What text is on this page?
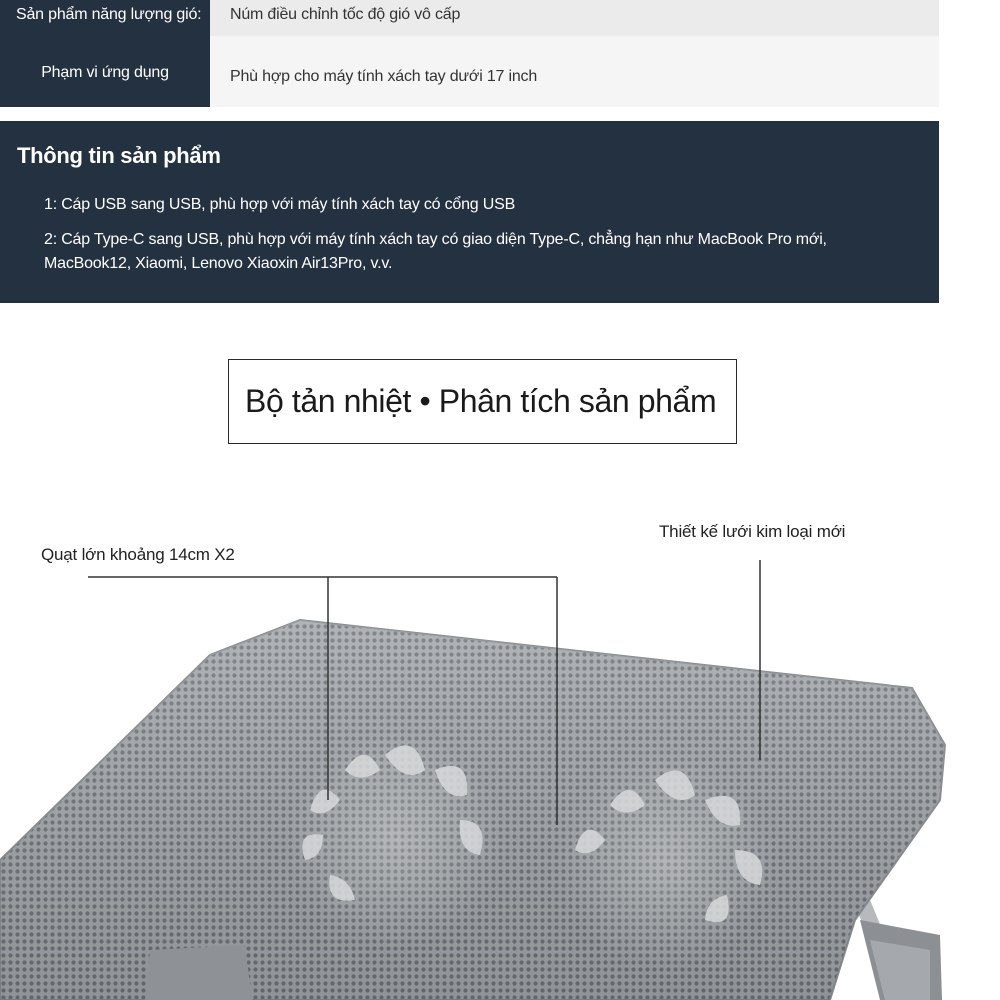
Sản phẩm năng lượng gió:	Núm điều chỉnh tốc độ gió vô cấp
Phạm vi ứng dụng	Phù hợp cho máy tính xách tay dưới 17 inch
Thông tin sản phẩm
1: Cáp USB sang USB, phù hợp với máy tính xách tay có cổng USB
2: Cáp Type-C sang USB, phù hợp với máy tính xách tay có giao diện Type-C, chẳng hạn như MacBook Pro mới, MacBook12, Xiaomi, Lenovo Xiaoxin Air13Pro, v.v.
Bộ tản nhiệt • Phân tích sản phẩm
Quạt lớn khoảng 14cm X2
Thiết kế lưới kim loại mới
